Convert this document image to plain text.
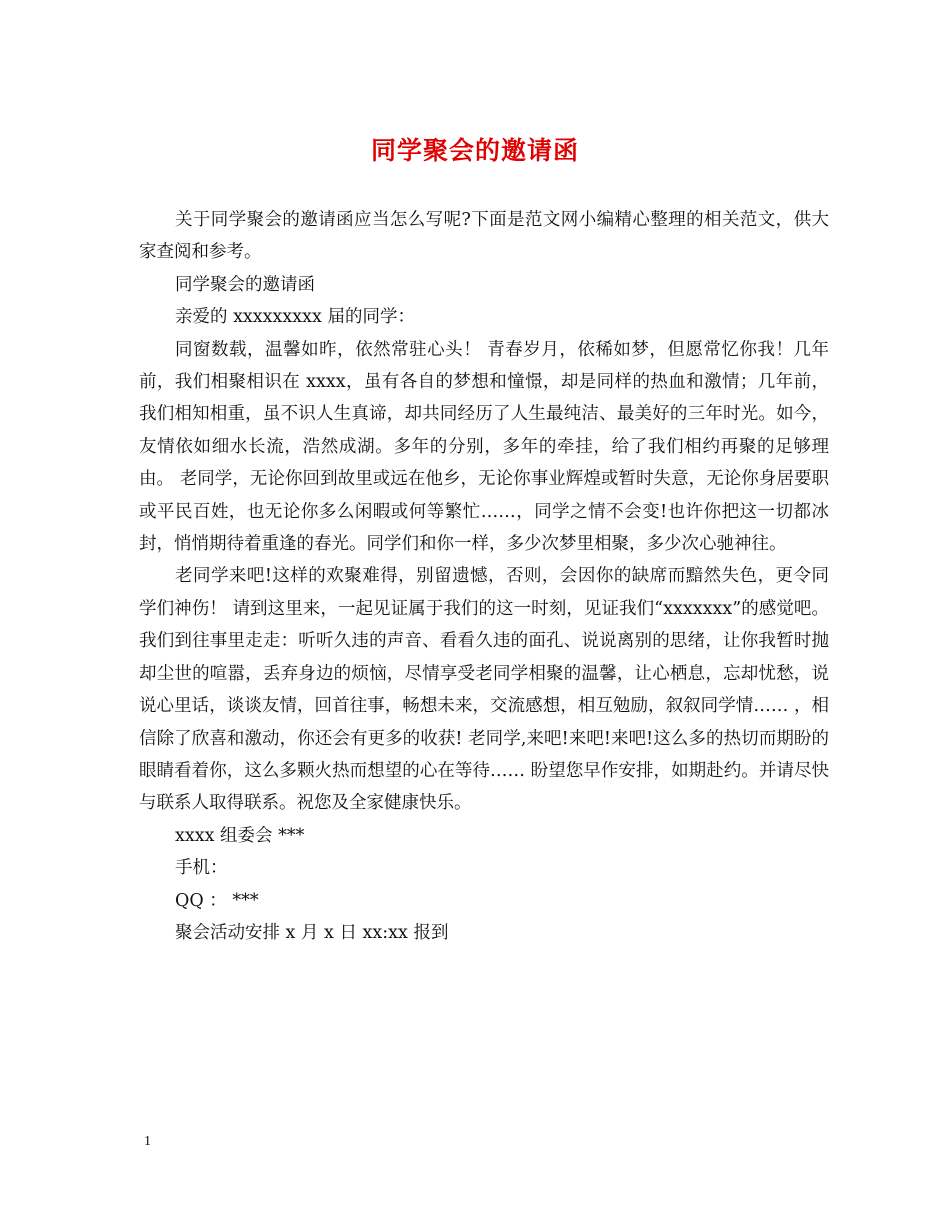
同学聚会的邀请函

关于同学聚会的邀请函应当怎么写呢?下面是范文网小编精心整理的相关范文，供大家查阅和参考。

同学聚会的邀请函

亲爱的 xxxxxxxxx 届的同学：

同窗数载，温馨如昨，依然常驻心头！ 青春岁月，依稀如梦，但愿常忆你我！几年前，我们相聚相识在 xxxx，虽有各自的梦想和憧憬，却是同样的热血和激情；几年前，我们相知相重，虽不识人生真谛，却共同经历了人生最纯洁、最美好的三年时光。如今，友情依如细水长流，浩然成湖。多年的分别，多年的牵挂，给了我们相约再聚的足够理由。 老同学，无论你回到故里或远在他乡，无论你事业辉煌或暂时失意，无论你身居要职或平民百姓，也无论你多么闲暇或何等繁忙……，同学之情不会变!也许你把这一切都冰封，悄悄期待着重逢的春光。同学们和你一样，多少次梦里相聚，多少次心驰神往。

老同学来吧!这样的欢聚难得，别留遗憾，否则，会因你的缺席而黯然失色，更令同学们神伤！ 请到这里来，一起见证属于我们的这一时刻，见证我们“xxxxxxx”的感觉吧。我们到往事里走走：听听久违的声音、看看久违的面孔、说说离别的思绪，让你我暂时抛却尘世的喧嚣，丢弃身边的烦恼，尽情享受老同学相聚的温馨，让心栖息，忘却忧愁，说说心里话，谈谈友情，回首往事，畅想未来，交流感想，相互勉励，叙叙同学情…… ，相信除了欣喜和激动，你还会有更多的收获! 老同学,来吧!来吧!来吧!这么多的热切而期盼的眼睛看着你，这么多颗火热而想望的心在等待…… 盼望您早作安排，如期赴约。并请尽快与联系人取得联系。祝您及全家健康快乐。

xxxx 组委会 ***

手机：

QQ ： ***

聚会活动安排 x 月 x 日 xx:xx 报到

1
